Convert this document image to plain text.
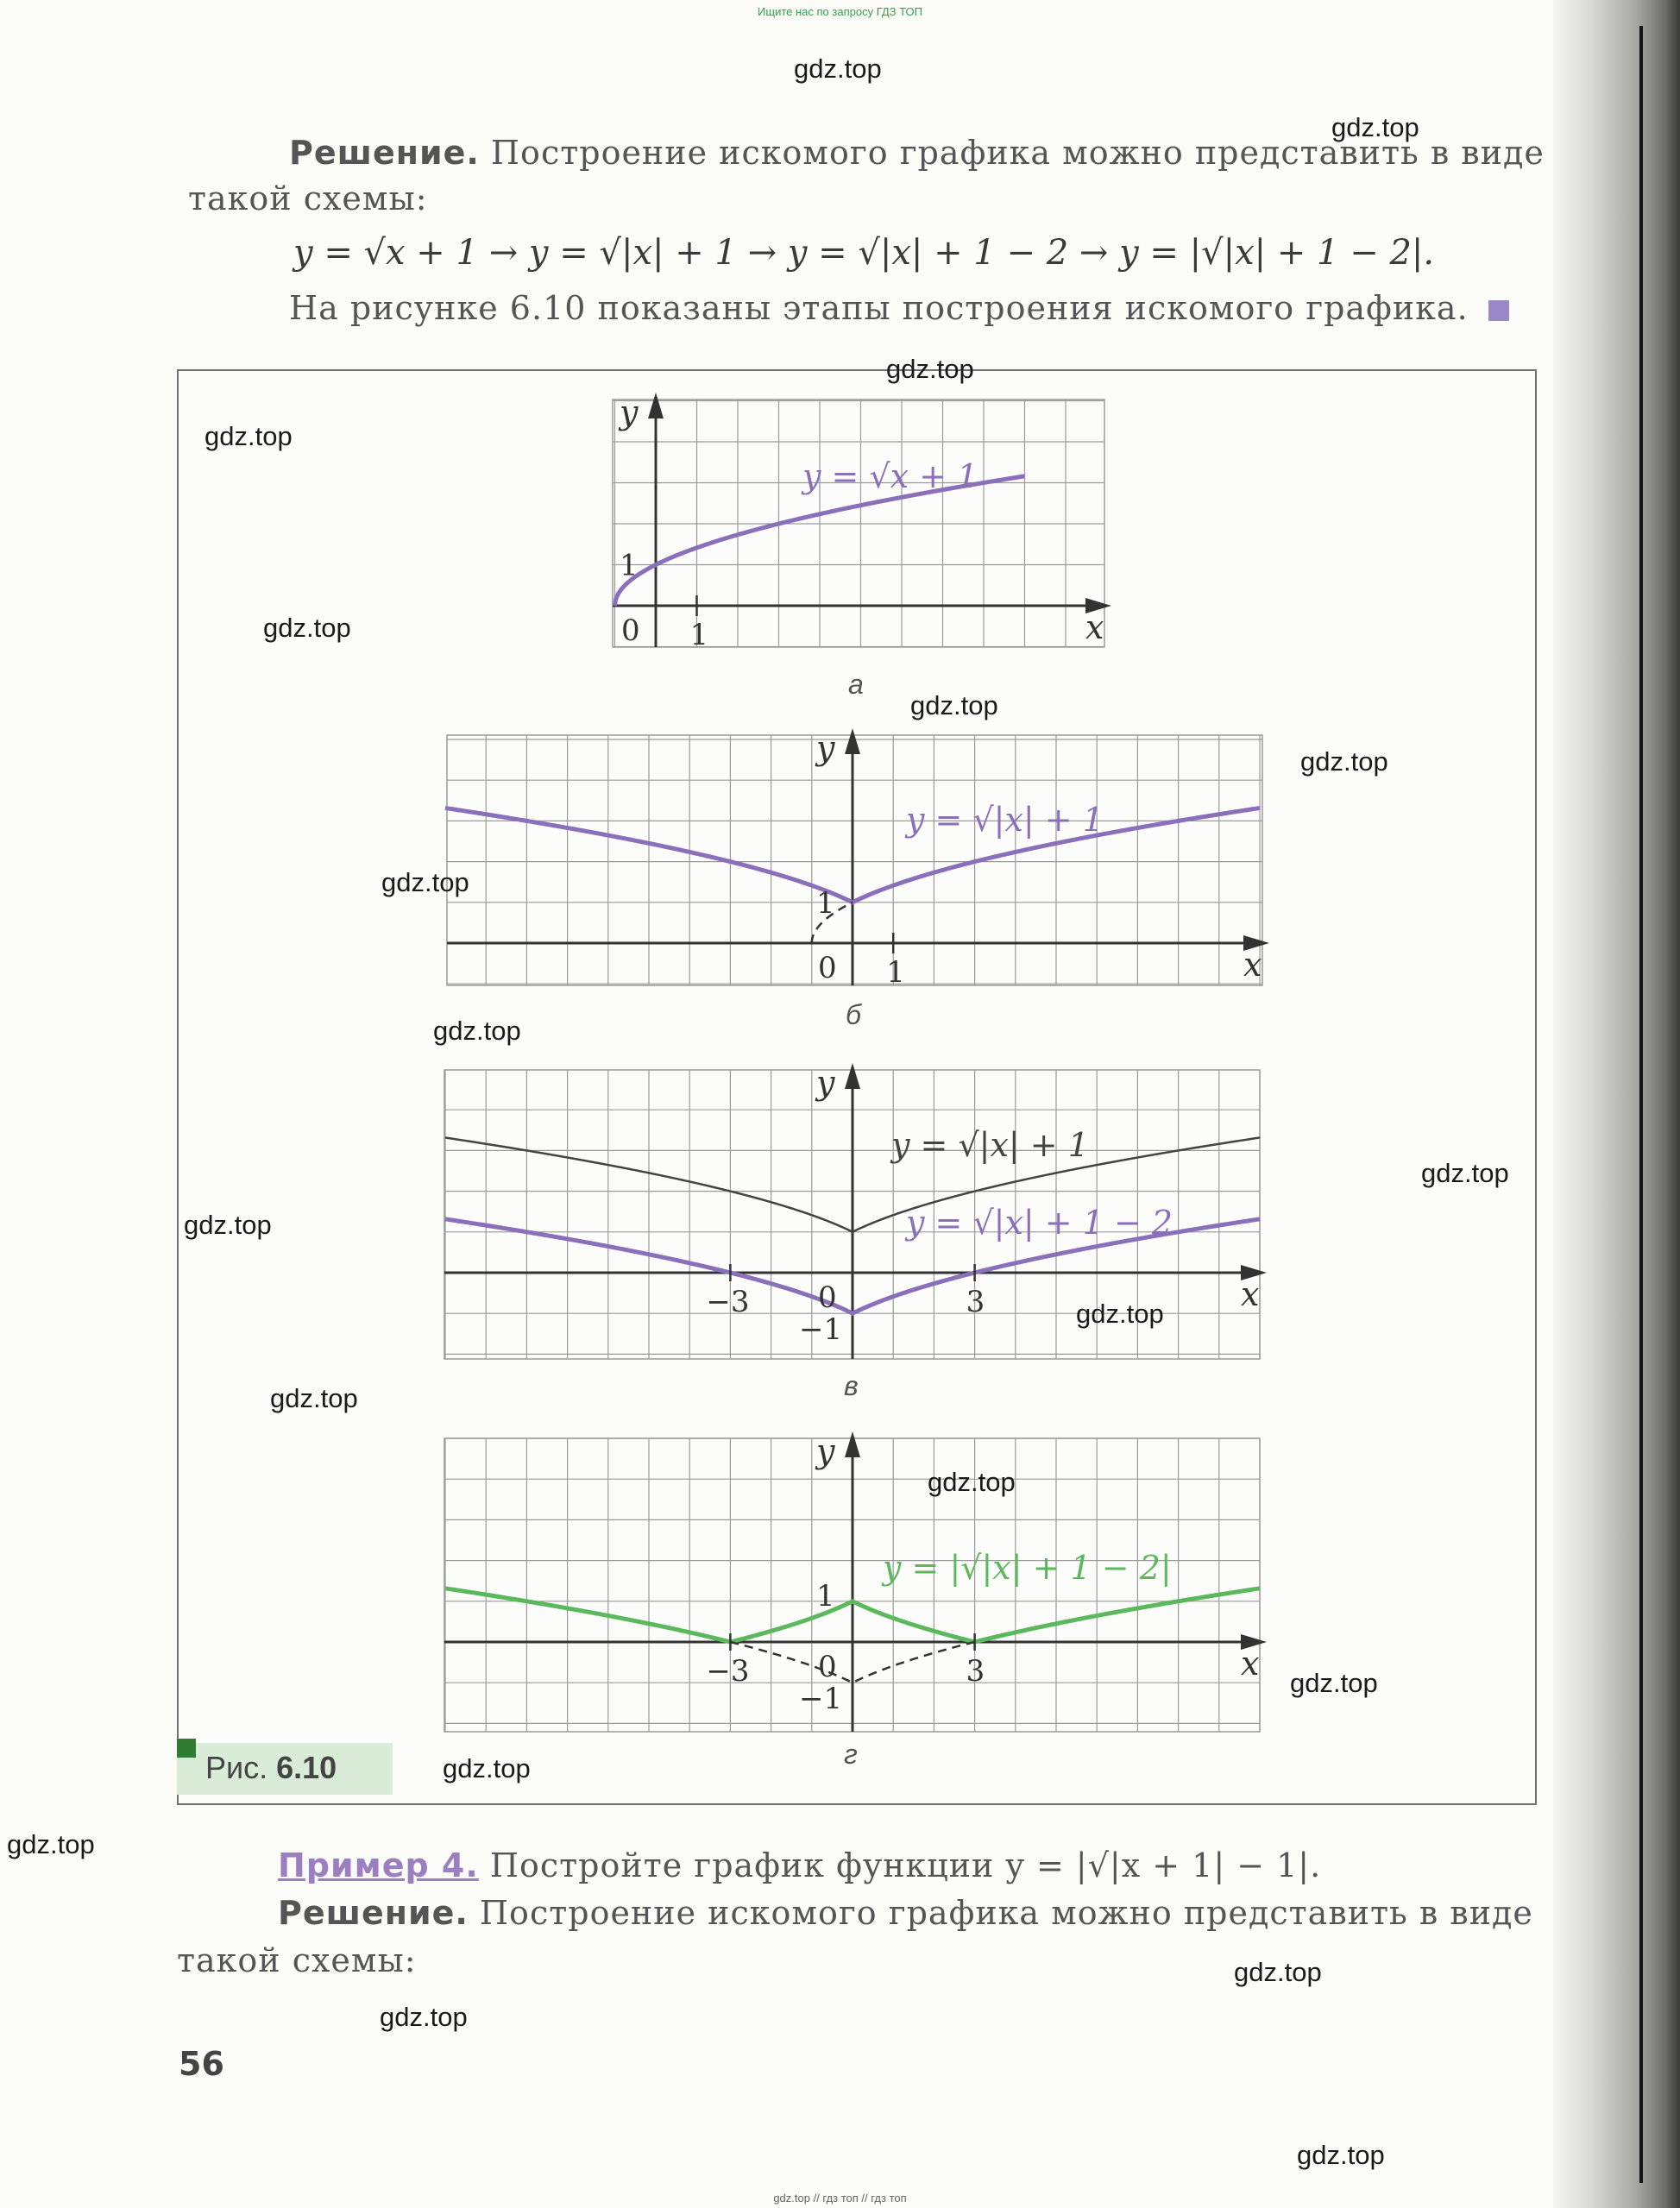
Ищите нас по запросу ГДЗ ТОП
Решение. Построение искомого графика можно представить в виде
такой схемы:
y = √x + 1 → y = √|x| + 1 → y = √|x| + 1 − 2 → y = |√|x| + 1 − 2|.
На рисунке 6.10 показаны этапы построения искомого графика.
x
y
0 1
1
x
y
0 1
1
x
y
0
−3	3
−1
x
y
0
−3	3
−1
1
y = √x + 1
y = √|x| + 1
y = √|x| + 1
y = √|x| + 1 − 2
y = |√|x| + 1 − 2|
а
б
в
г
Рис. 6.10
Пример 4. Постройте график функции y = |√|x + 1| − 1|.
Решение. Построение искомого графика можно представить в виде
такой схемы:
56
gdz.top
gdz.top
gdz.top
gdz.top
gdz.top
gdz.top
gdz.top
gdz.top
gdz.top
gdz.top
gdz.top
gdz.top
gdz.top
gdz.top
gdz.top
gdz.top
gdz.top
gdz.top
gdz.top
gdz.top
gdz.top // гдз топ // гдз топ
